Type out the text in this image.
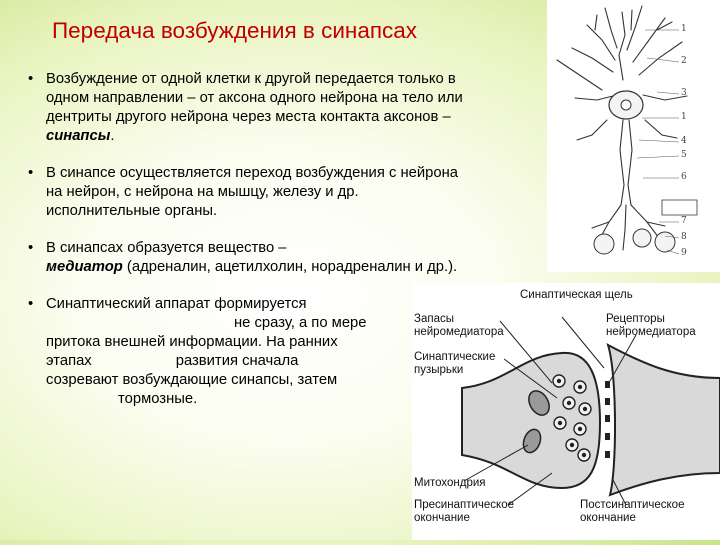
Передача возбуждения в синапсах
• Возбуждение от одной клетки к другой передается только в одном направлении – от аксона одного нейрона на тело или дентриты другого нейрона через места контакта аксонов – синапсы.
• В синапсе осуществляется переход возбуждения с нейрона на нейрон, с нейрона на мышцу, железу и др. исполнительные органы.
• В синапсах образуется вещество –
медиатор (адреналин, ацетилхолин, норадреналин и др.).
• Синаптический аппарат формируется
не сразу, а по мере
притока внешней информации. На ранних
этапах	развития сначала
созревают возбуждающие синапсы, затем
тормозные.
1
2
3
1
4
5
6
7
8
9
Синаптическая щель
Запасы нейромедиатора
Рецепторы нейромедиатора
Синаптические пузырьки
Митохондрия
Пресинаптическое окончание
Постсинаптическое окончание
